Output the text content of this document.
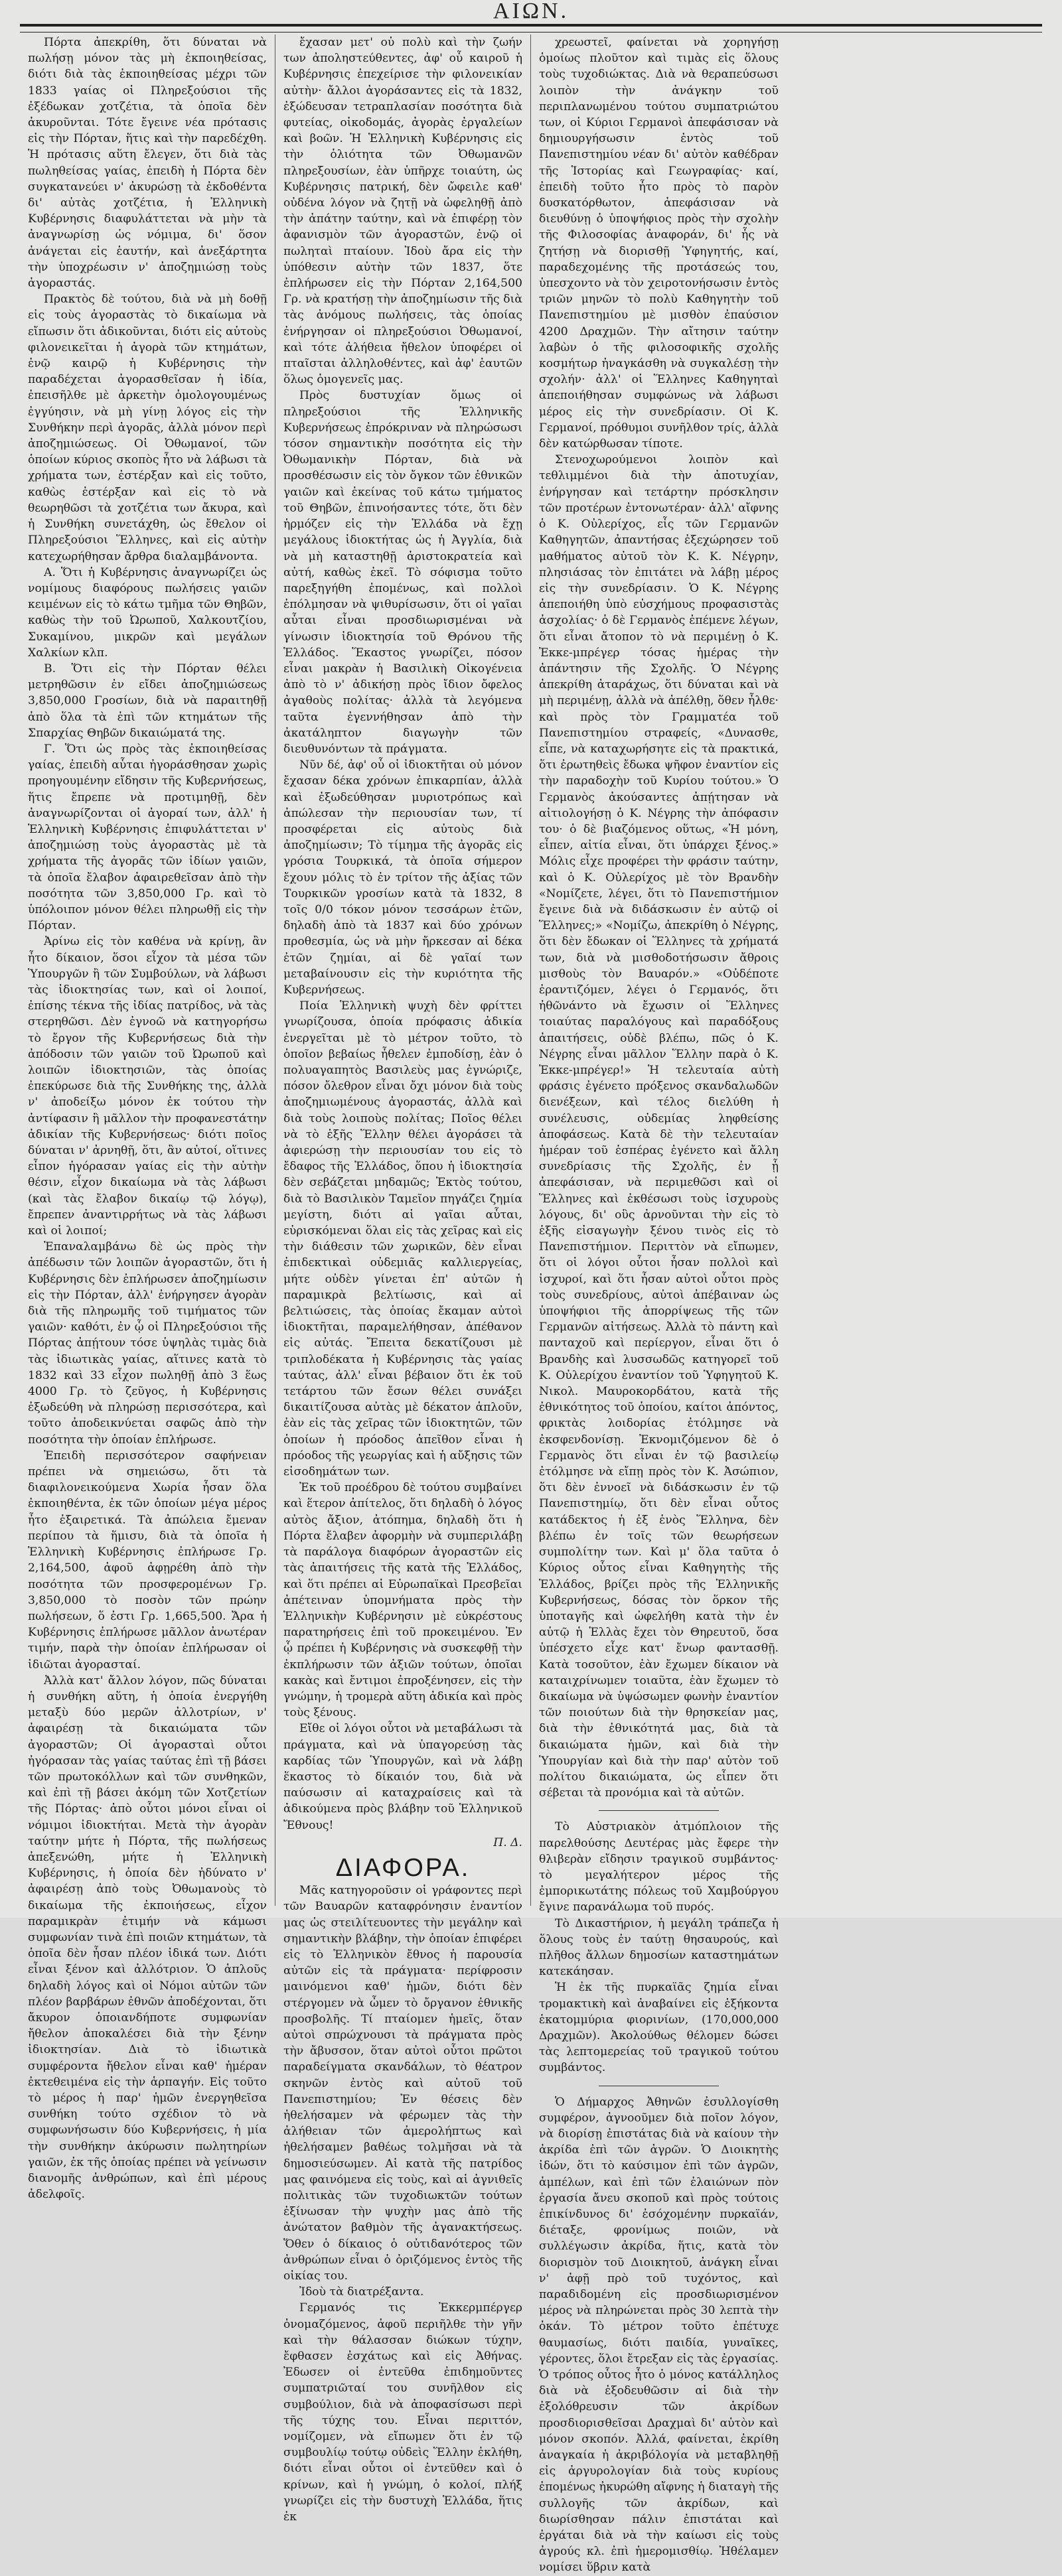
ΑΙΩΝ.

Πόρτα ἀπεκρίθη, ὅτι δύναται νὰ πωλήσῃ μόνον τὰς μὴ ἐκποιηθείσας, διότι διὰ τὰς ἐκποιηθείσας μέχρι τῶν 1833 γαίας οἱ Πληρεξούσιοι τῆς ἐξέδωκαν χοτζέτια, τὰ ὁποῖα δὲν ἀκυροῦνται. Τότε ἔγεινε νέα πρότασις εἰς τὴν Πόρταν, ἥτις καὶ τὴν παρεδέχθη. Ἡ πρότασις αὕτη ἔλεγεν, ὅτι διὰ τὰς πωληθείσας γαίας, ἐπειδὴ ἡ Πόρτα δὲν συγκατανεύει ν' ἀκυρώσῃ τὰ ἐκδοθέντα δι' αὐτὰς χοτζέτια, ἡ Ἑλληνικὴ Κυβέρνησις διαφυλάττεται νὰ μὴν τὰ ἀναγνωρίσῃ ὡς νόμιμα, δι' ὅσον ἀνάγεται εἰς ἑαυτήν, καὶ ἀνεξάρτητα τὴν ὑποχρέωσιν ν' ἀποζημιώσῃ τοὺς ἀγοραστάς.

Πρακτὸς δὲ τούτου, διὰ νὰ μὴ δοθῇ εἰς τοὺς ἀγοραστὰς τὸ δικαίωμα νὰ εἴπωσιν ὅτι ἀδικοῦνται, διότι εἰς αὐτοὺς φιλονεικεῖται ἡ ἀγορὰ τῶν κτημάτων, ἐνῷ καιρῷ ἡ Κυβέρνησις τὴν παραδέχεται ἀγορασθεῖσαν ἡ ἰδία, ἐπεισῆλθε μὲ ἀρκετὴν ὁμολογουμένως ἐγγύησιν, νὰ μὴ γίνῃ λόγος εἰς τὴν Συνθήκην περὶ ἀγορᾶς, ἀλλὰ μόνον περὶ ἀποζημιώσεως. Οἱ Ὀθωμανοί, τῶν ὁποίων κύριος σκοπὸς ἦτο νὰ λάβωσι τὰ χρήματα των, ἐστέρξαν καὶ εἰς τοῦτο, καθὼς ἐστέρξαν καὶ εἰς τὸ νὰ θεωρηθῶσι τὰ χοτζέτια των ἄκυρα, καὶ ἡ Συνθήκη συνετάχθη, ὡς ἔθελον οἱ Πληρεξούσιοι Ἕλληνες, καὶ εἰς αὐτὴν κατεχωρήθησαν ἄρθρα διαλαμβάνοντα.

Α. Ὅτι ἡ Κυβέρνησις ἀναγνωρίζει ὡς νομίμους διαφόρους πωλήσεις γαιῶν κειμένων εἰς τὸ κάτω τμῆμα τῶν Θηβῶν, καθὼς τὴν τοῦ Ὠρωποῦ, Χαλκουτζίου, Συκαμίνου, μικρῶν καὶ μεγάλων Χαλκίων κλπ.

Β. Ὅτι εἰς τὴν Πόρταν θέλει μετρηθῶσιν ἐν εἴδει ἀποζημιώσεως 3,850,000 Γροσίων, διὰ νὰ παραιτηθῇ ἀπὸ ὅλα τὰ ἐπὶ τῶν κτημάτων τῆς Σπαρχίας Θηβῶν δικαιώματά της.

Γ. Ὅτι ὡς πρὸς τὰς ἐκποιηθείσας γαίας, ἐπειδὴ αὗται ἠγοράσθησαν χωρὶς προηγουμένην εἴδησιν τῆς Κυβερνήσεως, ἥτις ἔπρεπε νὰ προτιμηθῇ, δὲν ἀναγνωρίζονται οἱ ἀγοραί των, ἀλλ' ἡ Ἑλληνικὴ Κυβέρνησις ἐπιφυλάττεται ν' ἀποζημιώσῃ τοὺς ἀγοραστὰς μὲ τὰ χρήματα τῆς ἀγορᾶς τῶν ἰδίων γαιῶν, τὰ ὁποῖα ἔλαβον ἀφαιρεθεῖσαν ἀπὸ τὴν ποσότητα τῶν 3,850,000 Γρ. καὶ τὸ ὑπόλοιπον μόνον θέλει πληρωθῇ εἰς τὴν Πόρταν.

Ἀρίνω εἰς τὸν καθένα νὰ κρίνῃ, ἂν ἦτο δίκαιον, ὅσοι εἶχον τὰ μέσα τῶν Ὑπουργῶν ἢ τῶν Συμβούλων, νὰ λάβωσι τὰς ἰδιοκτησίας των, καὶ οἱ λοιποί, ἐπίσης τέκνα τῆς ἰδίας πατρίδος, νὰ τὰς στερηθῶσι. Δὲν ἐγνοῶ νὰ κατηγορήσω τὸ ἔργον τῆς Κυβερνήσεως διὰ τὴν ἀπόδοσιν τῶν γαιῶν τοῦ Ὠρωποῦ καὶ λοιπῶν ἰδιοκτησιῶν, τὰς ὁποίας ἐπεκύρωσε διὰ τῆς Συνθήκης της, ἀλλὰ ν' ἀποδείξω μόνον ἐκ τούτου τὴν ἀντίφασιν ἢ μᾶλλον τὴν προφανεστάτην ἀδικίαν τῆς Κυβερνήσεως· διότι ποῖος δύναται ν' ἀρνηθῇ, ὅτι, ἂν αὐτοί, οἵτινες εἶπον ἠγόρασαν γαίας εἰς τὴν αὐτὴν θέσιν, εἶχον δικαίωμα νὰ τὰς λάβωσι (καὶ τὰς ἔλαβον δικαίῳ τῷ λόγῳ), ἔπρεπεν ἀναντιρρήτως νὰ τὰς λάβωσι καὶ οἱ λοιποί;

Ἐπαναλαμβάνω δὲ ὡς πρὸς τὴν ἀπέδωσιν τῶν λοιπῶν ἀγοραστῶν, ὅτι ἡ Κυβέρνησις δὲν ἐπλήρωσεν ἀποζημίωσιν εἰς τὴν Πόρταν, ἀλλ' ἐνήργησεν ἀγορὰν διὰ τῆς πληρωμῆς τοῦ τιμήματος τῶν γαιῶν· καθότι, ἐν ᾧ οἱ Πληρεξούσιοι τῆς Πόρτας ἀπῄτουν τόσε ὑψηλὰς τιμὰς διὰ τὰς ἰδιωτικὰς γαίας, αἵτινες κατὰ τὸ 1832 καὶ 33 εἶχον πωληθῇ ἀπὸ 3 ἕως 4000 Γρ. τὸ ζεῦγος, ἡ Κυβέρνησις ἐξωδεύθη νὰ πληρώσῃ περισσότερα, καὶ τοῦτο ἀποδεικνύεται σαφῶς ἀπὸ τὴν ποσότητα τὴν ὁποίαν ἐπλήρωσε.

Ἐπειδὴ περισσότερον σαφήνειαν πρέπει νὰ σημειώσω, ὅτι τὰ διαφιλονεικούμενα Χωρία ἦσαν ὅλα ἐκποιηθέντα, ἐκ τῶν ὁποίων μέγα μέρος ἦτο ἐξαιρετικά. Τὰ ἀπώλεια ἔμεναν περίπου τὰ ἥμισυ, διὰ τὰ ὁποῖα ἡ Ἑλληνικὴ Κυβέρνησις ἐπλήρωσε Γρ. 2,164,500, ἀφοῦ ἀφῃρέθη ἀπὸ τὴν ποσότητα τῶν προσφερομένων Γρ. 3,850,000 τὸ ποσὸν τῶν πρώην πωλήσεων, ὅ ἐστι Γρ. 1,665,500. Ἄρα ἡ Κυβέρνησις ἐπλήρωσε μᾶλλον ἀνωτέραν τιμήν, παρὰ τὴν ὁποίαν ἐπλήρωσαν οἱ ἰδιῶται ἀγορασταί.

Ἀλλὰ κατ' ἄλλον λόγον, πῶς δύναται ἡ συνθήκη αὕτη, ἡ ὁποία ἐνεργήθη μεταξὺ δύο μερῶν ἀλλοτρίων, ν' ἀφαιρέσῃ τὰ δικαιώματα τῶν ἀγοραστῶν; Οἱ ἀγορασταὶ οὗτοι ἠγόρασαν τὰς γαίας ταύτας ἐπὶ τῇ βάσει τῶν πρωτοκόλλων καὶ τῶν συνθηκῶν, καὶ ἐπὶ τῇ βάσει ἀκόμη τῶν Χοτζετίων τῆς Πόρτας· ἀπὸ οὗτοι μόνοι εἶναι οἱ νόμιμοι ἰδιοκτήται. Μετὰ τὴν ἀγορὰν ταύτην μήτε ἡ Πόρτα, τῆς πωλήσεως ἀπεξενώθη, μήτε ἡ Ἑλληνικὴ Κυβέρνησις, ἡ ὁποία δὲν ἠδύνατο ν' ἀφαιρέσῃ ἀπὸ τοὺς Ὀθωμανοὺς τὸ δικαίωμα τῆς ἐκποιήσεως, εἶχον παραμικρὰν ἐτιμήν νὰ κάμωσι συμφωνίαν τινὰ ἐπὶ ποιῶν κτημάτων, τὰ ὁποῖα δὲν ἦσαν πλέον ἰδικά των. Διότι εἶναι ξένον καὶ ἀλλότριον. Ὁ ἁπλοῦς δηλαδὴ λόγος καὶ οἱ Νόμοι αὐτῶν τῶν πλέον βαρβάρων ἐθνῶν ἀποδέχονται, ὅτι ἄκυρον ὁποιανδήποτε συμφωνίαν ἤθελον ἀποκαλέσει διὰ τὴν ξένην ἰδιοκτησίαν. Διὰ τὸ ἰδιωτικὰ συμφέροντα ἤθελον εἶναι καθ' ἡμέραν ἐκτεθειμένα εἰς τὴν ἁρπαγήν. Εἰς τοῦτο τὸ μέρος ἡ παρ' ἡμῶν ἐνεργηθεῖσα συνθήκη τούτο σχέδιον τὸ νὰ συμφωνήσωσιν δύο Κυβερνήσεις, ἡ μία τὴν συνθήκην ἀκύρωσιν πωλητηρίων γαιῶν, ἐκ τῆς ὁποίας πρέπει νὰ γείνωσιν διανομῆς ἀνθρώπων, καὶ ἐπὶ μέρους ἀδελφοῖς.

ἔχασαν μετ' οὐ πολὺ καὶ τὴν ζωήν των ἀποληστεύθεντες, ἀφ' οὗ καιροῦ ἡ Κυβέρνησις ἐπεχείρισε τὴν φιλονεικίαν αὐτὴν· ἄλλοι ἀγοράσαντες εἰς τὰ 1832, ἐξώδευσαν τετραπλασίαν ποσότητα διὰ φυτείας, οἰκοδομάς, ἀγορὰς ἐργαλείων καὶ βοῶν. Ἡ Ἑλληνικὴ Κυβέρνησις εἰς τὴν ὁλιότητα τῶν Ὀθωμανῶν πληρεξουσίων, ἐὰν ὑπῆρχε τοιαύτη, ὡς Κυβέρνησις πατρική, δὲν ὤφειλε καθ' οὐδένα λόγον νὰ ζητῇ νὰ ὠφεληθῇ ἀπὸ τὴν ἀπάτην ταύτην, καὶ νὰ ἐπιφέρῃ τὸν ἀφανισμὸν τῶν ἀγοραστῶν, ἐνῷ οἱ πωληταὶ πταίουν. Ἰδοὺ ἄρα εἰς τὴν ὑπόθεσιν αὐτὴν τῶν 1837, ὅτε ἐπλήρωσεν εἰς τὴν Πόρταν 2,164,500 Γρ. νὰ κρατήσῃ τὴν ἀποζημίωσιν τῆς διὰ τὰς ἀνόμους πωλήσεις, τὰς ὁποίας ἐνήργησαν οἱ πληρεξούσιοι Ὀθωμανοί, καὶ τότε ἀλήθεια ἤθελον ὑποφέρει οἱ πταῖσται ἀλληλοθέντες, καὶ ἀφ' ἑαυτῶν ὅλως ὁμογενεῖς μας.

Πρὸς δυστυχίαν ὅμως οἱ πληρεξούσιοι τῆς Ἑλληνικῆς Κυβερνήσεως ἐπρόκριναν νὰ πληρώσωσι τόσον σημαντικὴν ποσότητα εἰς τὴν Ὀθωμανικὴν Πόρταν, διὰ νὰ προσθέσωσιν εἰς τὸν ὄγκον τῶν ἐθνικῶν γαιῶν καὶ ἐκείνας τοῦ κάτω τμήματος τοῦ Θηβῶν, ἐπινοήσαντες τότε, ὅτι δὲν ἡρμόζεν εἰς τὴν Ἑλλάδα νὰ ἔχῃ μεγάλους ἰδιοκτήτας ὡς ἡ Ἀγγλία, διὰ νὰ μὴ καταστηθῇ ἀριστοκρατεία καὶ αὐτή, καθὼς ἐκεῖ. Τὸ σόφισμα τοῦτο παρεξηγήθη ἐπομένως, καὶ πολλοὶ ἐπόλμησαν νὰ ψιθυρίσωσιν, ὅτι οἱ γαῖαι αὗται εἶναι προσδιωρισμέναι νὰ γίνωσιν ἰδιοκτησία τοῦ Θρόνου τῆς Ἑλλάδος. Ἕκαστος γνωρίζει, πόσον εἶναι μακρὰν ἡ Βασιλικὴ Οἰκογένεια ἀπὸ τὸ ν' ἀδικήσῃ πρὸς ἴδιον ὄφελος ἀγαθοὺς πολίτας· ἀλλὰ τὰ λεγόμενα ταῦτα ἐγεννήθησαν ἀπὸ τὴν ἀκατάληπτον διαγωγὴν τῶν διευθυνόντων τὰ πράγματα.

Νῦν δέ, ἀφ' οὗ οἱ ἰδιοκτῆται οὐ μόνον ἔχασαν δέκα χρόνων ἐπικαρπίαν, ἀλλὰ καὶ ἐξωδεύθησαν μυριοτρόπως καὶ ἀπώλεσαν τὴν περιουσίαν των, τί προσφέρεται εἰς αὐτοὺς διὰ ἀποζημίωσιν; Τὸ τίμημα τῆς ἀγορᾶς εἰς γρόσια Τουρκικά, τὰ ὁποῖα σήμερον ἔχουν μόλις τὸ ἐν τρίτον τῆς ἀξίας τῶν Τουρκικῶν γροσίων κατὰ τὰ 1832, 8 τοῖς 0/0 τόκον μόνον τεσσάρων ἐτῶν, δηλαδὴ ἀπὸ τὰ 1837 καὶ δύο χρόνων προθεσμία, ὡς νὰ μὴν ἤρκεσαν αἱ δέκα ἐτῶν ζημίαι, αἱ δὲ γαῖαί των μεταβαίνουσιν εἰς τὴν κυριότητα τῆς Κυβερνήσεως.

Ποία Ἑλληνικὴ ψυχὴ δὲν φρίττει γνωρίζουσα, ὁποία πρόφασις ἀδικία ἐνεργεῖται μὲ τὸ μέτρον τοῦτο, τὸ ὁποῖον βεβαίως ἦθελεν ἐμποδίσῃ, ἐὰν ὁ πολυαγαπητὸς Βασιλεὺς μας ἐγνώριζε, πόσον ὄλεθρον εἶναι ὄχι μόνον διὰ τοὺς ἀποζημιωμένους ἀγοραστάς, ἀλλὰ καὶ διὰ τοὺς λοιποὺς πολίτας; Ποῖος θέλει νὰ τὸ ἑξῆς Ἕλλην θέλει ἀγοράσει τὰ ἀφιερώσῃ τὴν περιουσίαν του εἰς τὸ ἔδαφος τῆς Ἑλλάδος, ὅπου ἡ ἰδιοκτησία δὲν σεβάζεται μηδαμῶς; Ἐκτὸς τούτου, διὰ τὸ Βασιλικὸν Ταμεῖον πηγάζει ζημία μεγίστη, διότι αἱ γαῖαι αὗται, εὑρισκόμεναι ὅλαι εἰς τὰς χεῖρας καὶ εἰς τὴν διάθεσιν τῶν χωρικῶν, δὲν εἶναι ἐπιδεκτικαὶ οὐδεμιᾶς καλλιεργείας, μήτε οὐδὲν γίνεται ἐπ' αὐτῶν ἡ παραμικρὰ βελτίωσις, καὶ αἱ βελτιώσεις, τὰς ὁποίας ἔκαμαν αὐτοὶ ἰδιοκτῆται, παραμελήθησαν, ἀπέθανον εἰς αὐτάς. Ἔπειτα δεκατίζουσι μὲ τριπλοδέκατα ἡ Κυβέρνησις τὰς γαίας ταύτας, ἀλλ' εἶναι βέβαιον ὅτι ἐκ τοῦ τετάρτου τῶν ἔσων θέλει συνάξει δικαιτίζουσα αὐτὰς μὲ δέκατον ἁπλοῦν, ἐὰν εἰς τὰς χεῖρας τῶν ἰδιοκτητῶν, τῶν ὁποίων ἡ πρόοδος ἀπεῖθον εἶναι ἡ πρόοδος τῆς γεωργίας καὶ ἡ αὔξησις τῶν εἰσοδημάτων των.

Ἐκ τοῦ προέδρου δὲ τούτου συμβαίνει καὶ ἕτερον ἀπίτελος, ὅτι δηλαδὴ ὁ λόγος αὐτὸς ἄξιον, ἀτόπημα, δηλαδὴ ὅτι ἡ Πόρτα ἔλαβεν ἀφορμὴν νὰ συμπεριλάβῃ τὰ παράλογα διαφόρων ἀγοραστῶν εἰς τὰς ἀπαιτήσεις τῆς κατὰ τῆς Ἑλλάδος, καὶ ὅτι πρέπει αἱ Εὐρωπαϊκαὶ Πρεσβεῖαι ἀπέτειναν ὑπομνήματα πρὸς τὴν Ἑλληνικὴν Κυβέρνησιν μὲ εὐκρέστους παρατηρήσεις ἐπὶ τοῦ προκειμένου. Ἐν ᾧ πρέπει ἡ Κυβέρνησις νὰ συσκεφθῇ τὴν ἐκπλήρωσιν τῶν ἀξιῶν τούτων, ὁποῖαι κακὰς καὶ ἔντιμοι ἐπροξένησεν, εἰς τὴν γνώμην, ἡ τρομερὰ αὕτη ἀδικία καὶ πρὸς τοὺς ξένους.

Εἴθε οἱ λόγοι οὗτοι νὰ μεταβάλωσι τὰ πράγματα, καὶ νὰ ὑπαγορεύσῃ τὰς καρδίας τῶν Ὑπουργῶν, καὶ νὰ λάβῃ ἕκαστος τὸ δίκαιόν του, διὰ νὰ παύσωσιν αἱ καταχραίσεις καὶ τὰ ἀδικούμενα πρὸς βλάβην τοῦ Ἑλληνικοῦ Ἔθνους!

Π. Δ.
ΔΙΑΦΟΡΑ.

Μᾶς κατηγοροῦσιν οἱ γράφοντες περὶ τῶν Βαυαρῶν καταφρόνησιν ἐναντίον μας ὡς στειλίτευοντες τὴν μεγάλην καὶ σημαντικὴν βλάβην, τὴν ὁποίαν ἐπιφέρει εἰς τὸ Ἑλληνικὸν ἔθνος ἡ παρουσία αὐτῶν εἰς τὰ πράγματα· περίφροσιν μαινόμενοι καθ' ἡμῶν, διότι δὲν στέργομεν νὰ ὦμεν τὸ ὄργανον ἐθνικῆς προσβολῆς. Τί πταίομεν ἡμεῖς, ὅταν αὐτοὶ σπρώχνουσι τὰ πράγματα πρὸς τὴν ἄβυσσον, ὅταν αὐτοὶ οὗτοι πρῶτοι παραδείγματα σκανδάλων, τὸ θέατρον σκηνῶν ἐντὸς καὶ αὐτοῦ τοῦ Πανεπιστημίου; Ἐν θέσεις δὲν ἠθελήσαμεν νὰ φέρωμεν τὰς τὴν ἀλήθειαν τῶν ἀμερολήπτως καὶ ἠθελήσαμεν βαθέως τολμῆσαι νὰ τὰ δημοσιεύσωμεν. Αἱ κατὰ τῆς πατρίδος μας φαινόμενα εἰς τοὺς, καὶ αἱ ἀγνιθεῖς πολιτικὰς τῶν τυχοδιωκτῶν τούτων ἐξίνωσαν τὴν ψυχὴν μας ἀπὸ τῆς ἀνώτατον βαθμὸν τῆς ἀγανακτήσεως. Ὅθεν ὁ δίκαιος ὁ οὐτιδανότερος τῶν ἀνθρώπων εἶναι ὁ ὀριζόμενος ἐντὸς τῆς οἰκίας του.

Ἰδοὺ τὰ διατρέξαντα.

Γερμανός τις Ἐκκερμπέργερ ὀνομαζόμενος, ἀφοῦ περιῆλθε τὴν γῆν καὶ τὴν θάλασσαν διώκων τύχην, ἔφθασεν ἐσχάτως καὶ εἰς Ἀθήνας. Ἐδωσεν οἱ ἐντεῦθα ἐπιδημοῦντες συμπατριῶταί του συνῆλθον εἰς συμβούλιον, διὰ νὰ ἀποφασίσωσι περὶ τῆς τύχης του. Εἶναι περιττόν, νομίζομεν, νὰ εἴπωμεν ὅτι ἐν τῷ συμβουλίῳ τούτῳ οὐδεὶς Ἕλλην ἐκλήθη, διότι εἶναι οὗτοι οἱ ἐντεῦθεν καὶ ὁ κρίνων, καὶ ἡ γνώμη, ὁ κολοί, πλήξ γνωρίζει εἰς τὴν δυστυχὴ Ἑλλάδα, ἥτις ἐκ

χρεωστεῖ, φαίνεται νὰ χορηγήσῃ ὁμοίως πλοῦτον καὶ τιμὰς εἰς ὅλους τοὺς τυχοδιώκτας. Διὰ νὰ θεραπεύσωσι λοιπὸν τὴν ἀνάγκην τοῦ περιπλανωμένου τούτου συμπατριώτου των, οἱ Κύριοι Γερμανοὶ ἀπεφάσισαν νὰ δημιουργήσωσιν ἐντὸς τοῦ Πανεπιστημίου νέαν δι' αὐτὸν καθέδραν τῆς Ἱστορίας καὶ Γεωγραφίας· καί, ἐπειδὴ τοῦτο ἦτο πρὸς τὸ παρὸν δυσκατόρθωτον, ἀπεφάσισαν νὰ διευθύνῃ ὁ ὑποψήφιος πρὸς τὴν σχολὴν τῆς Φιλοσοφίας ἀναφοράν, δι' ἧς νὰ ζητήσῃ νὰ διορισθῇ Ὑφηγητής, καί, παραδεχομένης τῆς προτάσεώς του, ὑπεσχοντο νὰ τὸν χειροτονήσωσιν ἐντὸς τριῶν μηνῶν τὸ πολὺ Καθηγητὴν τοῦ Πανεπιστημίου μὲ μισθὸν ἐπαύσιον 4200 Δραχμῶν. Τὴν αἴτησιν ταύτην λαβὼν ὁ τῆς φιλοσοφικῆς σχολῆς κοσμήτωρ ἠναγκάσθη νὰ συγκαλέσῃ τὴν σχολήν· ἀλλ' οἱ Ἕλληνες Καθηγηταὶ ἀπεποιήθησαν συμφώνως νὰ λάβωσι μέρος εἰς τὴν συνεδρίασιν. Οἱ Κ. Γερμανοί, πρόθυμοι συνῆλθον τρίς, ἀλλὰ δὲν κατώρθωσαν τίποτε.

Στενοχωρούμενοι λοιπὸν καὶ τεθλιμμένοι διὰ τὴν ἀποτυχίαν, ἐνήργησαν καὶ τετάρτην πρόσκλησιν τῶν προτέρων ἐντονωτέραν· ἀλλ' αἴφνης ὁ Κ. Οὐλερίχος, εἷς τῶν Γερμανῶν Καθηγητῶν, ἀπαντήσας ἐξεχώρησεν τοῦ μαθήματος αὐτοῦ τὸν Κ. Κ. Νέγρην, πλησιάσας τὸν ἐπιτάτει νὰ λάβῃ μέρος εἰς τὴν συνεδρίασιν. Ὁ Κ. Νέγρης ἀπεποιήθη ὑπὸ εὐσχήμους προφασιστὰς ἀσχολίας· ὁ δὲ Γερμανὸς ἐπέμενε λέγων, ὅτι εἶναι ἄτοπον τὸ νὰ περιμένῃ ὁ Κ. Ἐκκε-μπρέγερ τόσας ἡμέρας τὴν ἀπάντησιν τῆς Σχολῆς. Ὁ Νέγρης ἀπεκρίθη ἀταράχως, ὅτι δύναται καὶ νὰ μὴ περιμένῃ, ἀλλὰ νὰ ἀπέλθῃ, ὅθεν ἦλθε· καὶ πρὸς τὸν Γραμματέα τοῦ Πανεπιστημίου στραφείς, «Δυνασθε, εἶπε, νὰ καταχωρήσητε εἰς τὰ πρακτικά, ὅτι ἐρωτηθεὶς ἔδωκα ψῆφον ἐναντίον εἰς τὴν παραδοχὴν τοῦ Κυρίου τούτου.» Ὁ Γερμανὸς ἀκούσαντες ἀπῄτησαν νὰ αἰτιολογήσῃ ὁ Κ. Νέγρης τὴν ἀπόφασιν του· ὁ δὲ βιαζόμενος οὕτως, «Ἡ μόνη, εἶπεν, αἰτία εἶναι, ὅτι ὑπάρχει ξένος.» Μόλις εἶχε προφέρει τὴν φράσιν ταύτην, καὶ ὁ Κ. Οὐλερίχος μὲ τὸν Βρανδὴν «Νομίζετε, λέγει, ὅτι τὸ Πανεπιστήμιον ἔγεινε διὰ νὰ διδάσκωσιν ἐν αὐτῷ οἱ Ἕλληνες;» «Νομίζω, ἀπεκρίθη ὁ Νέγρης, ὅτι δὲν ἔδωκαν οἱ Ἕλληνες τὰ χρήματά των, διὰ νὰ μισθοδοτήσωσιν ἄθροις μισθοὺς τὸν Βαυαρόν.» «Οὐδέποτε ἐραντιζόμεν, λέγει ὁ Γερμανός, ὅτι ἠθῶνάντο νὰ ἔχωσιν οἱ Ἕλληνες τοιαύτας παραλόγους καὶ παραδόξους ἀπαιτήσεις, οὐδὲ βλέπω, πῶς ὁ Κ. Νέγρης εἶναι μᾶλλον Ἕλλην παρὰ ὁ Κ. Ἐκκε-μπρέγερ!» Ἡ τελευταία αὐτὴ φράσις ἐγένετο πρόξενος σκανδαλωδῶν διενέξεων, καὶ τέλος διελύθη ἡ συνέλευσις, οὐδεμίας ληφθείσης ἀποφάσεως. Κατὰ δὲ τὴν τελευταίαν ἡμέραν τοῦ ἑσπέρας ἐγένετο καὶ ἄλλη συνεδρίασις τῆς Σχολῆς, ἐν ᾗ ἀπεφάσισαν, νὰ περιμεθῶσι καὶ οἱ Ἕλληνες καὶ ἐκθέσωσι τοὺς ἰσχυροὺς λόγους, δι' οὓς ἀρνοῦνται τὴν εἰς τὸ ἑξῆς εἰσαγωγὴν ξένου τινὸς εἰς τὸ Πανεπιστήμιον. Περιττὸν νὰ εἴπωμεν, ὅτι οἱ λόγοι οὗτοι ἦσαν πολλοὶ καὶ ἰσχυροί, καὶ ὅτι ἦσαν αὐτοὶ οὗτοι πρὸς τοὺς συνεδρίους, αὐτοὶ ἀπέβαιναν ὡς ὑποψήφιοι τῆς ἀπορρίψεως τῆς τῶν Γερμανῶν αἰτήσεως. Ἀλλὰ τὸ πάντη καὶ πανταχοῦ καὶ περίεργον, εἶναι ὅτι ὁ Βρανδὴς καὶ λυσσωδῶς κατηγορεῖ τοῦ Κ. Οὐλερίχου ἐναντίον τοῦ Ὑφηγητοῦ Κ. Νικολ. Μαυροκορδάτου, κατὰ τῆς ἐθνικότητος τοῦ ὁποίου, καίτοι ἀπόντος, φρικτὰς λοιδορίας ἐτόλμησε νὰ ἐκσφενδονίσῃ. Ἐκνομιζόμενον δὲ ὁ Γερμανὸς ὅτι εἶναι ἐν τῷ βασιλείῳ ἐτόλμησε νὰ εἴπῃ πρὸς τὸν Κ. Ἀσώπιον, ὅτι δὲν ἐννοεῖ νὰ διδάσκωσιν ἐν τῷ Πανεπιστημίῳ, ὅτι δὲν εἶναι οὗτος κατάδεκτος ἡ ἐξ ἑνὸς Ἕλληνα, δὲν βλέπω ἐν τοῖς τῶν θεωρήσεων συμπολίτην των. Καὶ μ' ὅλα ταῦτα ὁ Κύριος οὗτος εἶναι Καθηγητὴς τῆς Ἑλλάδος, βρίζει πρὸς τῆς Ἑλληνικῆς Κυβερνήσεως, δόσας τὸν ὅρκον τῆς ὑποταγῆς καὶ ὠφελήθη κατὰ τὴν ἐν αὐτῷ ἡ Ἑλλὰς ἔχει τὸν Θηρευτοῦ, ὅσα ὑπέσχετο εἶχε κατ' ἔνωρ φαντασθῇ. Κατὰ τοσοῦτον, ἐὰν ἔχωμεν δίκαιον νὰ καταιχρίνωμεν τοιαῦτα, ἐὰν ἔχωμεν τὸ δικαίωμα νὰ ὑψώσωμεν φωνὴν ἐναντίον τῶν ποιούτων διὰ τὴν θρησκείαν μας, διὰ τὴν ἐθνικότητά μας, διὰ τὰ δικαιώματα ἡμῶν, καὶ διὰ τὴν Ὑπουργίαν καὶ διὰ τὴν παρ' αὐτὸν τοῦ πολίτου δικαιώματα, ὡς εἶπεν ὅτι σέβεται τὰ προνόμια καὶ τὰ αὐτῶν.

Τὸ Αὐστριακὸν ἀτμόπλοιον τῆς παρελθούσης Δευτέρας μὰς ἔφερε τὴν θλιβερὰν εἴδησιν τραγικοῦ συμβάντος· τὸ μεγαλήτερον μέρος τῆς ἐμπορικωτάτης πόλεως τοῦ Χαμβούργου ἔγινε παρανάλωμα τοῦ πυρός.

Τὸ Δικαστήριον, ἡ μεγάλη τράπεζα ἡ ὅλους τοὺς ἐν ταύτῃ θησαυρούς, καὶ πλῆθος ἄλλων δημοσίων καταστημάτων κατεκάησαν.

Ἡ ἐκ τῆς πυρκαϊᾶς ζημία εἶναι τρομακτικὴ καὶ ἀναβαίνει εἰς ἑξήκοντα ἑκατομμύρια φιορινίων, (170,000,000 Δραχμῶν). Ἀκολούθως θέλομεν δώσει τὰς λεπτομερείας τοῦ τραγικοῦ τούτου συμβάντος.

Ὁ Δήμαρχος Ἀθηνῶν ἐσυλλογίσθη συμφέρον, ἀγνοοῦμεν διὰ ποῖον λόγον, νὰ διορίσῃ ἐπιστάτας διὰ νὰ καίουν τὴν ἀκρίδα ἐπὶ τῶν ἀγρῶν. Ὁ Διοικητὴς ἰδών, ὅτι τὸ καύσιμον ἐπὶ τῶν ἀγρῶν, ἀμπέλων, καὶ ἐπὶ τῶν ἐλαιώνων πὸν ἐργασία ἄνευ σκοποῦ καὶ πρὸς τούτοις ἐπικίνδυνος δι' ἐσόχομένην πυρκαϊάν, διέταξε, φρονίμως ποιῶν, νὰ συλλέγωσιν ἀκρίδα, ἥτις, κατὰ τὸν διορισμὸν τοῦ Διοικητοῦ, ἀνάγκη εἶναι ν' ἀφῇ πρὸ τοῦ τυχόντος, καὶ παραδιδομένη εἰς προσδιωρισμένον μέρος νὰ πληρώνεται πρὸς 30 λεπτὰ τὴν ὀκάν. Τὸ μέτρον τοῦτο ἐπέτυχε θαυμασίως, διότι παιδία, γυναῖκες, γέροντες, ὅλοι ἔτρεξαν εἰς τὰς ἐργασίας. Ὁ τρόπος οὗτος ἦτο ὁ μόνος κατάλληλος διὰ νὰ ἐξοδευθῶσιν αἱ διὰ τὴν ἐξολόθρευσιν τῶν ἀκρίδων προσδιορισθεῖσαι Δραχμαὶ δι' αὐτὸν καὶ μόνον σκοπόν. Ἀλλά, φαίνεται, ἐκρίθη ἀναγκαία ἡ ἀκριβόλογία νὰ μεταβληθῇ εἰς ἀργυρολογίαν διὰ τοὺς κυρίους ἐπομένως ἠκυρώθη αἴφνης ἡ διαταγὴ τῆς συλλογῆς τῶν ἀκρίδων, καὶ διωρίσθησαν πάλιν ἐπιστάται καὶ ἐργάται διὰ νὰ τὴν καίωσι εἰς τοὺς ἀγρούς κλ. ἐπὶ ἡμερομισθίῳ. Ἠθέλαμεν νομίσει ὕβριν κατὰ
